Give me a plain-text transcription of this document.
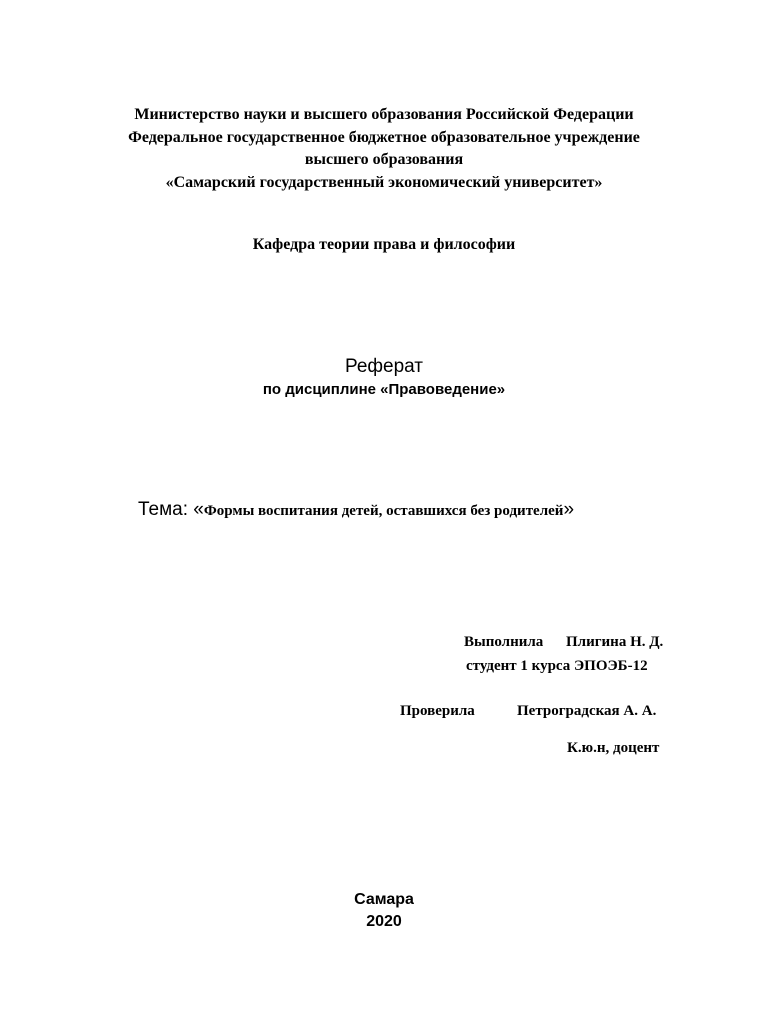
Министерство науки и высшего образования Российской Федерации
Федеральное государственное бюджетное образовательное учреждение
высшего образования
«Самарский государственный экономический университет»
Кафедра теории права и философии
Реферат
по дисциплине «Правоведение»
Тема: «Формы воспитания детей, оставшихся без родителей»
Выполнила Плигина Н. Д.
студент 1 курса ЭПОЭБ-12
Проверила	Петроградская А. А.
К.ю.н, доцент
Самара
2020
